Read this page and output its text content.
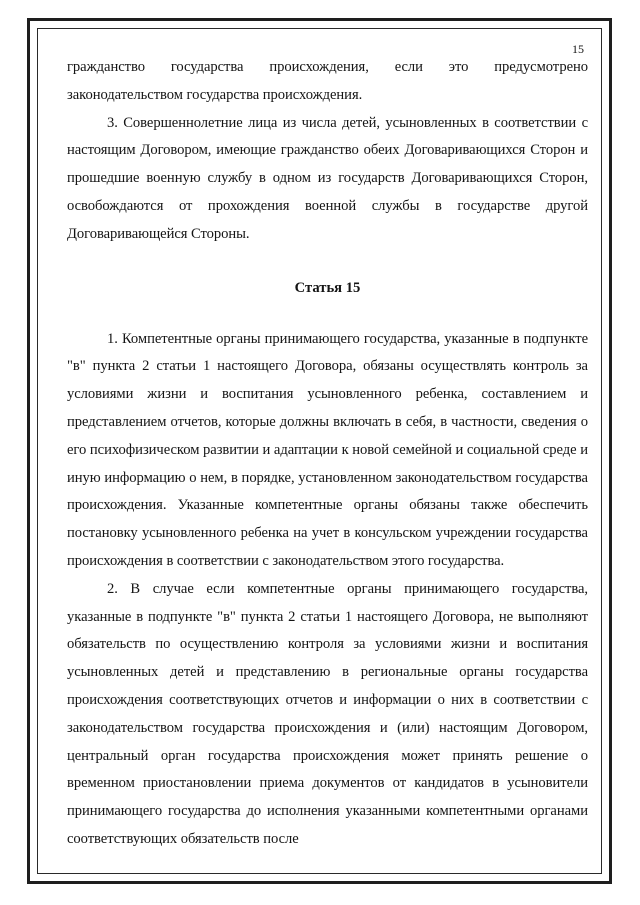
15

гражданство государства происхождения, если это предусмотрено законодательством государства происхождения.

3. Совершеннолетние лица из числа детей, усыновленных в соответствии с настоящим Договором, имеющие гражданство обеих Договаривающихся Сторон и прошедшие военную службу в одном из государств Договаривающихся Сторон, освобождаются от прохождения военной службы в государстве другой Договаривающейся Стороны.

Статья 15

1. Компетентные органы принимающего государства, указанные в подпункте "в" пункта 2 статьи 1 настоящего Договора, обязаны осуществлять контроль за условиями жизни и воспитания усыновленного ребенка, составлением и представлением отчетов, которые должны включать в себя, в частности, сведения о его психофизическом развитии и адаптации к новой семейной и социальной среде и иную информацию о нем, в порядке, установленном законодательством государства происхождения. Указанные компетентные органы обязаны также обеспечить постановку усыновленного ребенка на учет в консульском учреждении государства происхождения в соответствии с законодательством этого государства.

2. В случае если компетентные органы принимающего государства, указанные в подпункте "в" пункта 2 статьи 1 настоящего Договора, не выполняют обязательств по осуществлению контроля за условиями жизни и воспитания усыновленных детей и представлению в региональные органы государства происхождения соответствующих отчетов и информации о них в соответствии с законодательством государства происхождения и (или) настоящим Договором, центральный орган государства происхождения может принять решение о временном приостановлении приема документов от кандидатов в усыновители принимающего государства до исполнения указанными компетентными органами соответствующих обязательств после
